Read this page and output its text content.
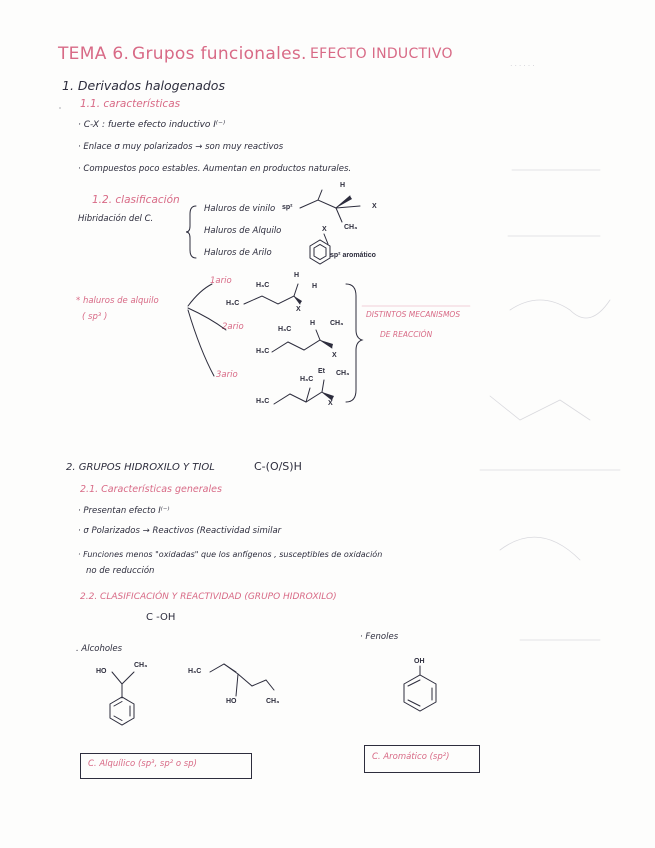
· · · · · ·
TEMA 6. Grupos funcionales. EFECTO INDUCTIVO
1. Derivados halogenados
1.1. características
· C-X : fuerte efecto inductivo I⁽⁻⁾
· Enlace σ muy polarizados → son muy reactivos
· Compuestos poco estables. Aumentan en productos naturales.
1.2. clasificación
Hibridación del C.
Haluros de vinilo
Haluros de Alquilo
Haluros de Arilo
sp²
sp² aromático
* haluros de alquilo
( sp³ )
1ario
2ario
3ario
DISTINTOS MECANISMOS
DE REACCIÓN
H
X
CH₃
X
H₃C
H
H₃C
H
X
H₃C
H CH₃
H₃C
X
H₃C
Et CH₃
H₃C	X
2. GRUPOS HIDROXILO Y TIOL	C-(O/S)H
2.1. Características generales
· Presentan efecto I⁽⁻⁾
· σ Polarizados → Reactivos (Reactividad similar
· Funciones menos "oxidadas" que los anfígenos , susceptibles de oxidación
no de reducción
2.2. CLASIFICACIÓN Y REACTIVIDAD (GRUPO HIDROXILO)
C -OH
. Alcoholes
· Fenoles
HO
CH₃
H₃C
HO	CH₃
OH
C. Alquílico (sp³, sp² o sp)
C. Aromático (sp²)
